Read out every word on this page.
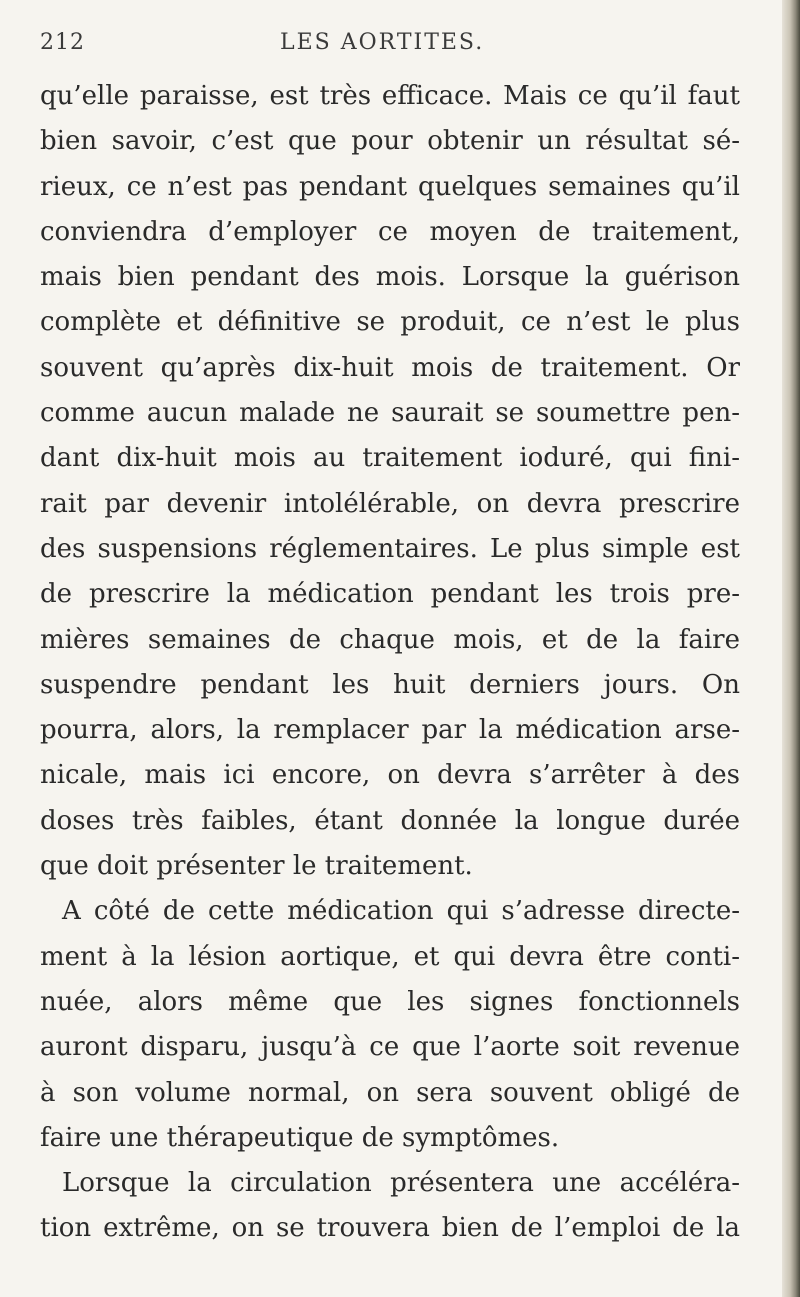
212	LES AORTITES.
qu’elle paraisse, est très efficace. Mais ce qu’il faut
bien savoir, c’est que pour obtenir un résultat sé-
rieux, ce n’est pas pendant quelques semaines qu’il
conviendra d’employer ce moyen de traitement,
mais bien pendant des mois. Lorsque la guérison
complète et définitive se produit, ce n’est le plus
souvent qu’après dix-huit mois de traitement. Or
comme aucun malade ne saurait se soumettre pen-
dant dix-huit mois au traitement ioduré, qui fini-
rait par devenir intolélérable, on devra prescrire
des suspensions réglementaires. Le plus simple est
de prescrire la médication pendant les trois pre-
mières semaines de chaque mois, et de la faire
suspendre pendant les huit derniers jours. On
pourra, alors, la remplacer par la médication arse-
nicale, mais ici encore, on devra s’arrêter à des
doses très faibles, étant donnée la longue durée
que doit présenter le traitement.
A côté de cette médication qui s’adresse directe-
ment à la lésion aortique, et qui devra être conti-
nuée, alors même que les signes fonctionnels
auront disparu, jusqu’à ce que l’aorte soit revenue
à son volume normal, on sera souvent obligé de
faire une thérapeutique de symptômes.
Lorsque la circulation présentera une accéléra-
tion extrême, on se trouvera bien de l’emploi de la
